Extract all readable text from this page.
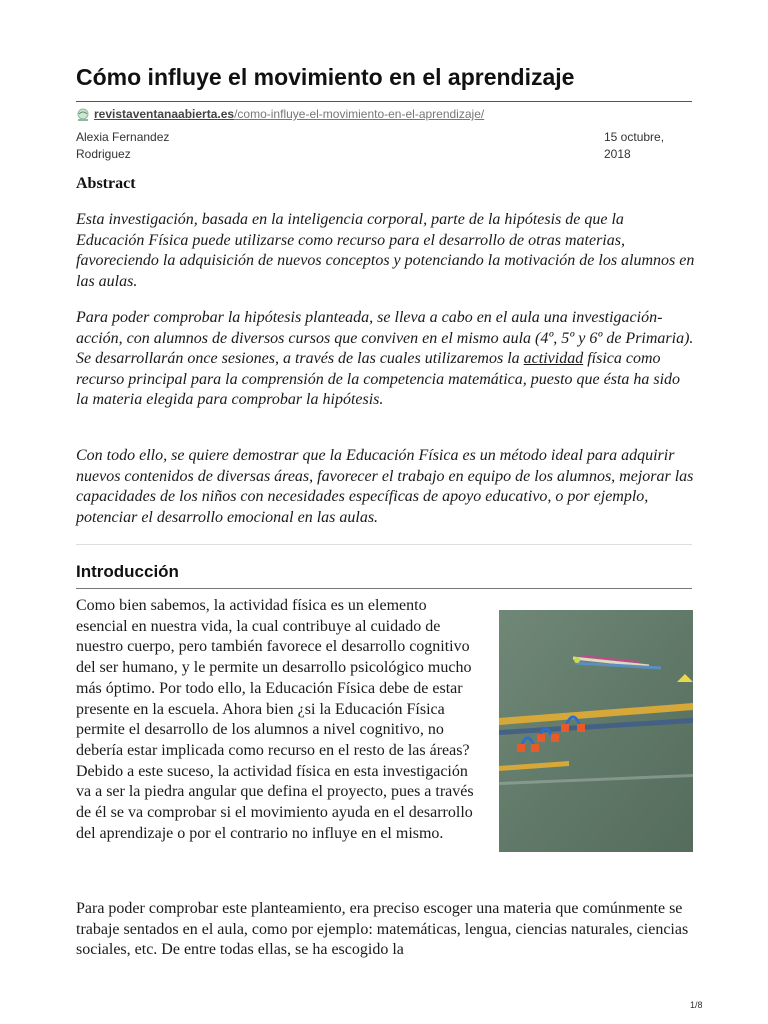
Cómo influye el movimiento en el aprendizaje
revistaventanaabierta.es/como-influye-el-movimiento-en-el-aprendizaje/
Alexia Fernandez
Rodriguez
15 octubre,
2018
Abstract

Esta investigación, basada en la inteligencia corporal, parte de la hipótesis de que la Educación Física puede utilizarse como recurso para el desarrollo de otras materias, favoreciendo la adquisición de nuevos conceptos y potenciando la motivación de los alumnos en las aulas.

Para poder comprobar la hipótesis planteada, se lleva a cabo en el aula una investigación-acción, con alumnos de diversos cursos que conviven en el mismo aula (4º, 5º y 6º de Primaria). Se desarrollarán once sesiones, a través de las cuales utilizaremos la actividad física como recurso principal para la comprensión de la competencia matemática, puesto que ésta ha sido la materia elegida para comprobar la hipótesis.

Con todo ello, se quiere demostrar que la Educación Física es un método ideal para adquirir nuevos contenidos de diversas áreas, favorecer el trabajo en equipo de los alumnos, mejorar las capacidades de los niños con necesidades específicas de apoyo educativo, o por ejemplo, potenciar el desarrollo emocional en las aulas.

Introducción

Como bien sabemos, la actividad física es un elemento esencial en nuestra vida, la cual contribuye al cuidado de nuestro cuerpo, pero también favorece el desarrollo cognitivo del ser humano, y le permite un desarrollo psicológico mucho más óptimo. Por todo ello, la Educación Física debe de estar presente en la escuela. Ahora bien ¿si la Educación Física permite el desarrollo de los alumnos a nivel cognitivo, no debería estar implicada como recurso en el resto de las áreas? Debido a este suceso, la actividad física en esta investigación va a ser la piedra angular que defina el proyecto, pues a través de él se va comprobar si el movimiento ayuda en el desarrollo del aprendizaje o por el contrario no influye en el mismo.

Para poder comprobar este planteamiento, era preciso escoger una materia que comúnmente se trabaje sentados en el aula, como por ejemplo: matemáticas, lengua, ciencias naturales, ciencias sociales, etc. De entre todas ellas, se ha escogido la

1/8
